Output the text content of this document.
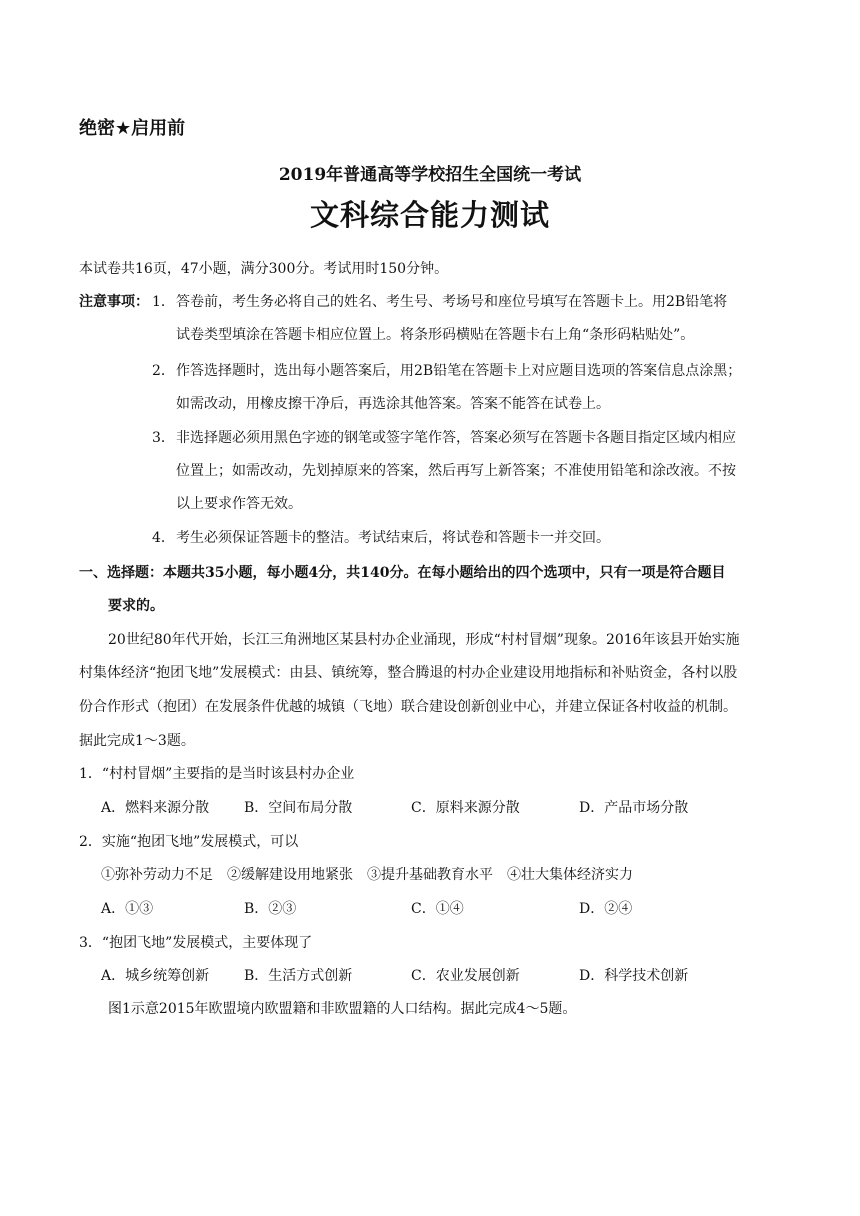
绝密★启用前
2019年普通高等学校招生全国统一考试
文科综合能力测试
本试卷共16页，47小题，满分300分。考试用时150分钟。
注意事项： 1． 答卷前，考生务必将自己的姓名、考生号、考场号和座位号填写在答题卡上。用2B铅笔将
试卷类型填涂在答题卡相应位置上。将条形码横贴在答题卡右上角“条形码粘贴处”。
2． 作答选择题时，选出每小题答案后，用2B铅笔在答题卡上对应题目选项的答案信息点涂黑；
如需改动，用橡皮擦干净后，再选涂其他答案。答案不能答在试卷上。
3． 非选择题必须用黑色字迹的钢笔或签字笔作答，答案必须写在答题卡各题目指定区域内相应
位置上；如需改动，先划掉原来的答案，然后再写上新答案；不准使用铅笔和涂改液。不按
以上要求作答无效。
4． 考生必须保证答题卡的整洁。考试结束后，将试卷和答题卡一并交回。
一、选择题：本题共35小题，每小题4分，共140分。在每小题给出的四个选项中，只有一项是符合题目
要求的。
20世纪80年代开始，长江三角洲地区某县村办企业涌现，形成“村村冒烟”现象。2016年该县开始实施
村集体经济“抱团飞地”发展模式：由县、镇统筹，整合腾退的村办企业建设用地指标和补贴资金，各村以股
份合作形式（抱团）在发展条件优越的城镇（飞地）联合建设创新创业中心，并建立保证各村收益的机制。
据此完成1～3题。
1．“村村冒烟”主要指的是当时该县村办企业
A．燃料来源分散 B．空间布局分散	C．原料来源分散	D．产品市场分散
2．实施“抱团飞地”发展模式，可以
①弥补劳动力不足　②缓解建设用地紧张　③提升基础教育水平　④壮大集体经济实力
A．①③	B．②③	C．①④	D．②④
3．“抱团飞地”发展模式，主要体现了
A．城乡统筹创新 B．生活方式创新	C．农业发展创新	D．科学技术创新
图1示意2015年欧盟境内欧盟籍和非欧盟籍的人口结构。据此完成4～5题。
